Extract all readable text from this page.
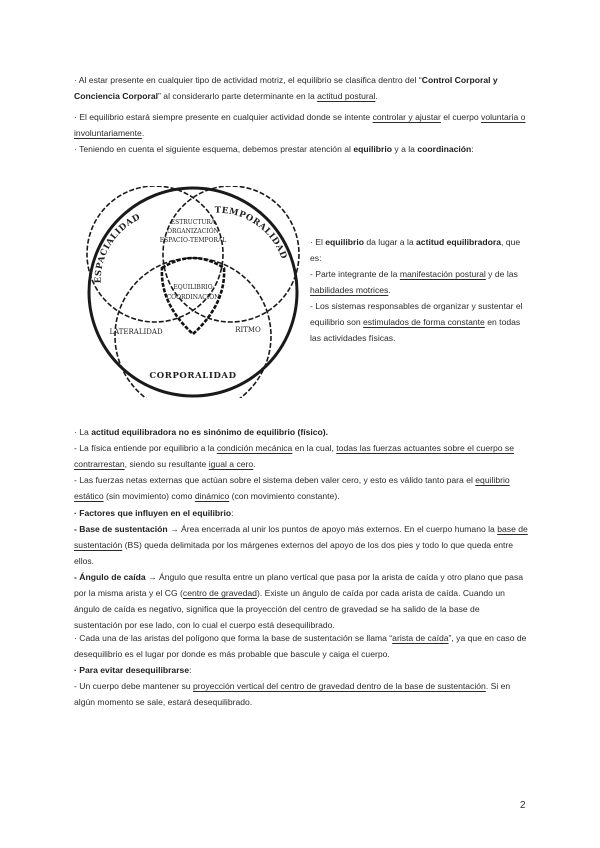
· Al estar presente en cualquier tipo de actividad motriz, el equilibrio se clasifica dentro del “Control Corporal y Conciencia Corporal” al considerarlo parte determinante en la actitud postural.

· El equilibrio estará siempre presente en cualquier actividad donde se intente controlar y ajustar el cuerpo voluntaria o involuntariamente.

· Teniendo en cuenta el siguiente esquema, debemos prestar atención al equilibrio y a la coordinación:

ESPACIALIDAD
TEMPORALIDAD
ESTRUCTURA
ORGANIZACIÓN
ESPACIO-TEMPORAL
EQUILIBRIO
COORDINACIÓN
LATERALIDAD	RITMO
CORPORALIDAD

· El equilibrio da lugar a la actitud equilibradora, que es:

- Parte integrante de la manifestación postural y de las habilidades motrices.

- Los sistemas responsables de organizar y sustentar el equilibrio son estimulados de forma constante en todas las actividades físicas.

· La actitud equilibradora no es sinónimo de equilibrio (físico).

- La física entiende por equilibrio a la condición mecánica en la cual, todas las fuerzas actuantes sobre el cuerpo se contrarrestan, siendo su resultante igual a cero.

- Las fuerzas netas externas que actúan sobre el sistema deben valer cero, y esto es válido tanto para el equilibrio estático (sin movimiento) como dinámico (con movimiento constante).

· Factores que influyen en el equilibrio:

- Base de sustentación → Área encerrada al unir los puntos de apoyo más externos. En el cuerpo humano la base de sustentación (BS) queda delimitada por los márgenes externos del apoyo de los dos pies y todo lo que queda entre ellos.

- Ángulo de caída → Ángulo que resulta entre un plano vertical que pasa por la arista de caída y otro plano que pasa por la misma arista y el CG (centro de gravedad). Existe un ángulo de caída por cada arista de caída. Cuando un ángulo de caída es negativo, significa que la proyección del centro de gravedad se ha salido de la base de sustentación por ese lado, con lo cual el cuerpo está desequilibrado.

· Cada una de las aristas del polígono que forma la base de sustentación se llama “arista de caída”, ya que en caso de desequilibrio es el lugar por donde es más probable que bascule y caiga el cuerpo.

· Para evitar desequilibrarse:

- Un cuerpo debe mantener su proyección vertical del centro de gravedad dentro de la base de sustentación. Si en algún momento se sale, estará desequilibrado.

2
